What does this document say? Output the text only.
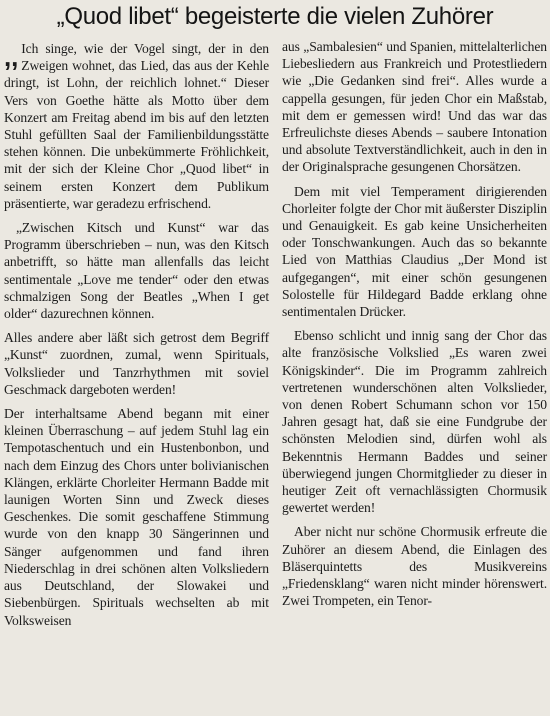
„Quod libet“ begeisterte die vielen Zuhörer

,, Ich singe, wie der Vogel singt, der in den Zweigen wohnet, das Lied, das aus der Kehle dringt, ist Lohn, der reichlich lohnet.“ Dieser Vers von Goethe hätte als Motto über dem Konzert am Freitag abend im bis auf den letzten Stuhl gefüllten Saal der Familienbildungsstätte stehen können. Die unbekümmerte Fröhlichkeit, mit der sich der Kleine Chor „Quod libet“ in seinem ersten Konzert dem Publikum präsentierte, war geradezu erfrischend.

„Zwischen Kitsch und Kunst“ war das Programm überschrieben – nun, was den Kitsch anbetrifft, so hätte man allenfalls das leicht sentimentale „Love me tender“ oder den etwas schmalzigen Song der Beatles „When I get older“ dazurechnen können.

Alles andere aber läßt sich getrost dem Begriff „Kunst“ zuordnen, zumal, wenn Spirituals, Volkslieder und Tanzrhythmen mit soviel Geschmack dargeboten werden!

Der interhaltsame Abend begann mit einer kleinen Überraschung – auf jedem Stuhl lag ein Tempotaschentuch und ein Hustenbonbon, und nach dem Einzug des Chors unter bolivianischen Klängen, erklärte Chorleiter Hermann Badde mit launigen Worten Sinn und Zweck dieses Geschenkes. Die somit geschaffene Stimmung wurde von den knapp 30 Sängerinnen und Sänger aufgenommen und fand ihren Niederschlag in drei schönen alten Volksliedern aus Deutschland, der Slowakei und Siebenbürgen. Spirituals wechselten ab mit Volksweisen

aus „Sambalesien“ und Spanien, mittelalterlichen Liebesliedern aus Frankreich und Protestliedern wie „Die Gedanken sind frei“. Alles wurde a cappella gesungen, für jeden Chor ein Maßstab, mit dem er gemessen wird! Und das war das Erfreulichste dieses Abends – saubere Intonation und absolute Textverständlichkeit, auch in den in der Originalsprache gesungenen Chorsätzen.

Dem mit viel Temperament dirigierenden Chorleiter folgte der Chor mit äußerster Disziplin und Genauigkeit. Es gab keine Unsicherheiten oder Tonschwankungen. Auch das so bekannte Lied von Matthias Claudius „Der Mond ist aufgegangen“, mit einer schön gesungenen Solostelle für Hildegard Badde erklang ohne sentimentalen Drücker.

Ebenso schlicht und innig sang der Chor das alte französische Volkslied „Es waren zwei Königskinder“. Die im Programm zahlreich vertretenen wunderschönen alten Volkslieder, von denen Robert Schumann schon vor 150 Jahren gesagt hat, daß sie eine Fundgrube der schönsten Melodien sind, dürfen wohl als Bekenntnis Hermann Baddes und seiner überwiegend jungen Chormitglieder zu dieser in heutiger Zeit oft vernachlässigten Chormusik gewertet werden!

Aber nicht nur schöne Chormusik erfreute die Zuhörer an diesem Abend, die Einlagen des Bläserquintetts des Musikvereins „Friedensklang“ waren nicht minder hörenswert. Zwei Trompeten, ein Tenor-
